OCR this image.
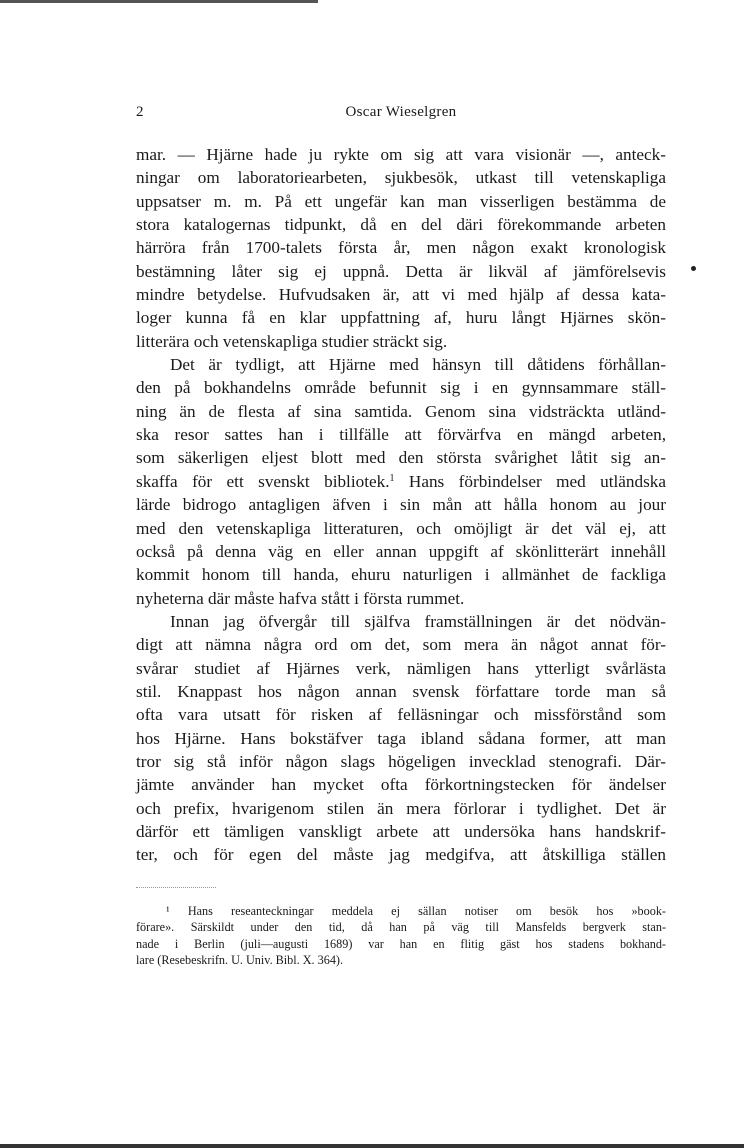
2	Oscar Wieselgren
mar. — Hjärne hade ju rykte om sig att vara visionär —, anteck-
ningar om laboratoriearbeten, sjukbesök, utkast till vetenskapliga
uppsatser m. m. På ett ungefär kan man visserligen bestämma de
stora katalogernas tidpunkt, då en del däri förekommande arbeten
härröra från 1700-talets första år, men någon exakt kronologisk
bestämning låter sig ej uppnå. Detta är likväl af jämförelsevis
mindre betydelse. Hufvudsaken är, att vi med hjälp af dessa kata-
loger kunna få en klar uppfattning af, huru långt Hjärnes skön-
litterära och vetenskapliga studier sträckt sig.
Det är tydligt, att Hjärne med hänsyn till dåtidens förhållan-
den på bokhandelns område befunnit sig i en gynnsammare ställ-
ning än de flesta af sina samtida. Genom sina vidsträckta utländ-
ska resor sattes han i tillfälle att förvärfva en mängd arbeten,
som säkerligen eljest blott med den största svårighet låtit sig an-
skaffa för ett svenskt bibliotek.$^1$ Hans förbindelser med utländska
lärde bidrogo antagligen äfven i sin mån att hålla honom au jour
med den vetenskapliga litteraturen, och omöjligt är det väl ej, att
också på denna väg en eller annan uppgift af skönlitterärt innehåll
kommit honom till handa, ehuru naturligen i allmänhet de fackliga
nyheterna där måste hafva stått i första rummet.
Innan jag öfvergår till själfva framställningen är det nödvän-
digt att nämna några ord om det, som mera än något annat för-
svårar studiet af Hjärnes verk, nämligen hans ytterligt svårlästa
stil. Knappast hos någon annan svensk författare torde man så
ofta vara utsatt för risken af felläsningar och missförstånd som
hos Hjärne. Hans bokstäfver taga ibland sådana former, att man
tror sig stå inför någon slags högeligen invecklad stenografi. Där-
jämte använder han mycket ofta förkortningstecken för ändelser
och prefix, hvarigenom stilen än mera förlorar i tydlighet. Det är
därför ett tämligen vanskligt arbete att undersöka hans handskrif-
ter, och för egen del måste jag medgifva, att åtskilliga ställen
¹ Hans reseanteckningar meddela ej sällan notiser om besök hos »book-
förare». Särskildt under den tid, då han på väg till Mansfelds bergverk stan-
nade i Berlin (juli—augusti 1689) var han en flitig gäst hos stadens bokhand-
lare (Resebeskrifn. U. Univ. Bibl. X. 364).
